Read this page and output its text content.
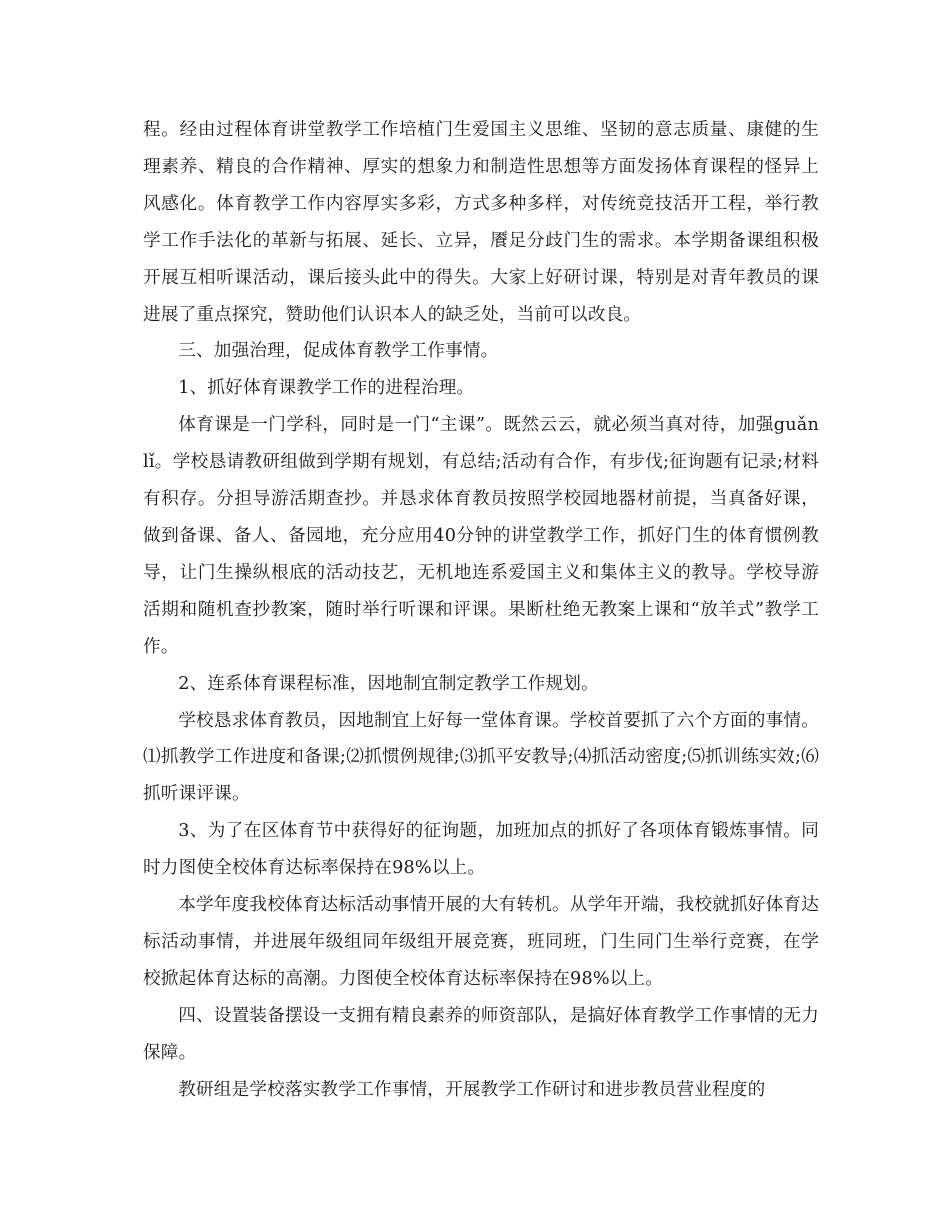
程。经由过程体育讲堂教学工作培植门生爱国主义思维、坚韧的意志质量、康健的生理素养、精良的合作精神、厚实的想象力和制造性思想等方面发扬体育课程的怪异上风感化。体育教学工作内容厚实多彩，方式多种多样，对传统竞技活开工程，举行教学工作手法化的革新与拓展、延长、立异，餍足分歧门生的需求。本学期备课组积极开展互相听课活动，课后接头此中的得失。大家上好研讨课，特别是对青年教员的课进展了重点探究，赞助他们认识本人的缺乏处，当前可以改良。

三、加强治理，促成体育教学工作事情。

1、抓好体育课教学工作的进程治理。

体育课是一门学科，同时是一门“主课”。既然云云，就必须当真对待，加强guǎn lǐ。学校恳请教研组做到学期有规划，有总结;活动有合作，有步伐;征询题有记录;材料有积存。分担导游活期查抄。并恳求体育教员按照学校园地器材前提，当真备好课，做到备课、备人、备园地，充分应用40分钟的讲堂教学工作，抓好门生的体育惯例教导，让门生操纵根底的活动技艺，无机地连系爱国主义和集体主义的教导。学校导游活期和随机查抄教案，随时举行听课和评课。果断杜绝无教案上课和“放羊式”教学工作。

2、连系体育课程标准，因地制宜制定教学工作规划。

学校恳求体育教员，因地制宜上好每一堂体育课。学校首要抓了六个方面的事情。⑴抓教学工作进度和备课;⑵抓惯例规律;⑶抓平安教导;⑷抓活动密度;⑸抓训练实效;⑹抓听课评课。

3、为了在区体育节中获得好的征询题，加班加点的抓好了各项体育锻炼事情。同时力图使全校体育达标率保持在98%以上。

本学年度我校体育达标活动事情开展的大有转机。从学年开端，我校就抓好体育达标活动事情，并进展年级组同年级组开展竞赛，班同班，门生同门生举行竞赛，在学校掀起体育达标的高潮。力图使全校体育达标率保持在98%以上。

四、设置装备摆设一支拥有精良素养的师资部队，是搞好体育教学工作事情的无力保障。

教研组是学校落实教学工作事情，开展教学工作研讨和进步教员营业程度的
